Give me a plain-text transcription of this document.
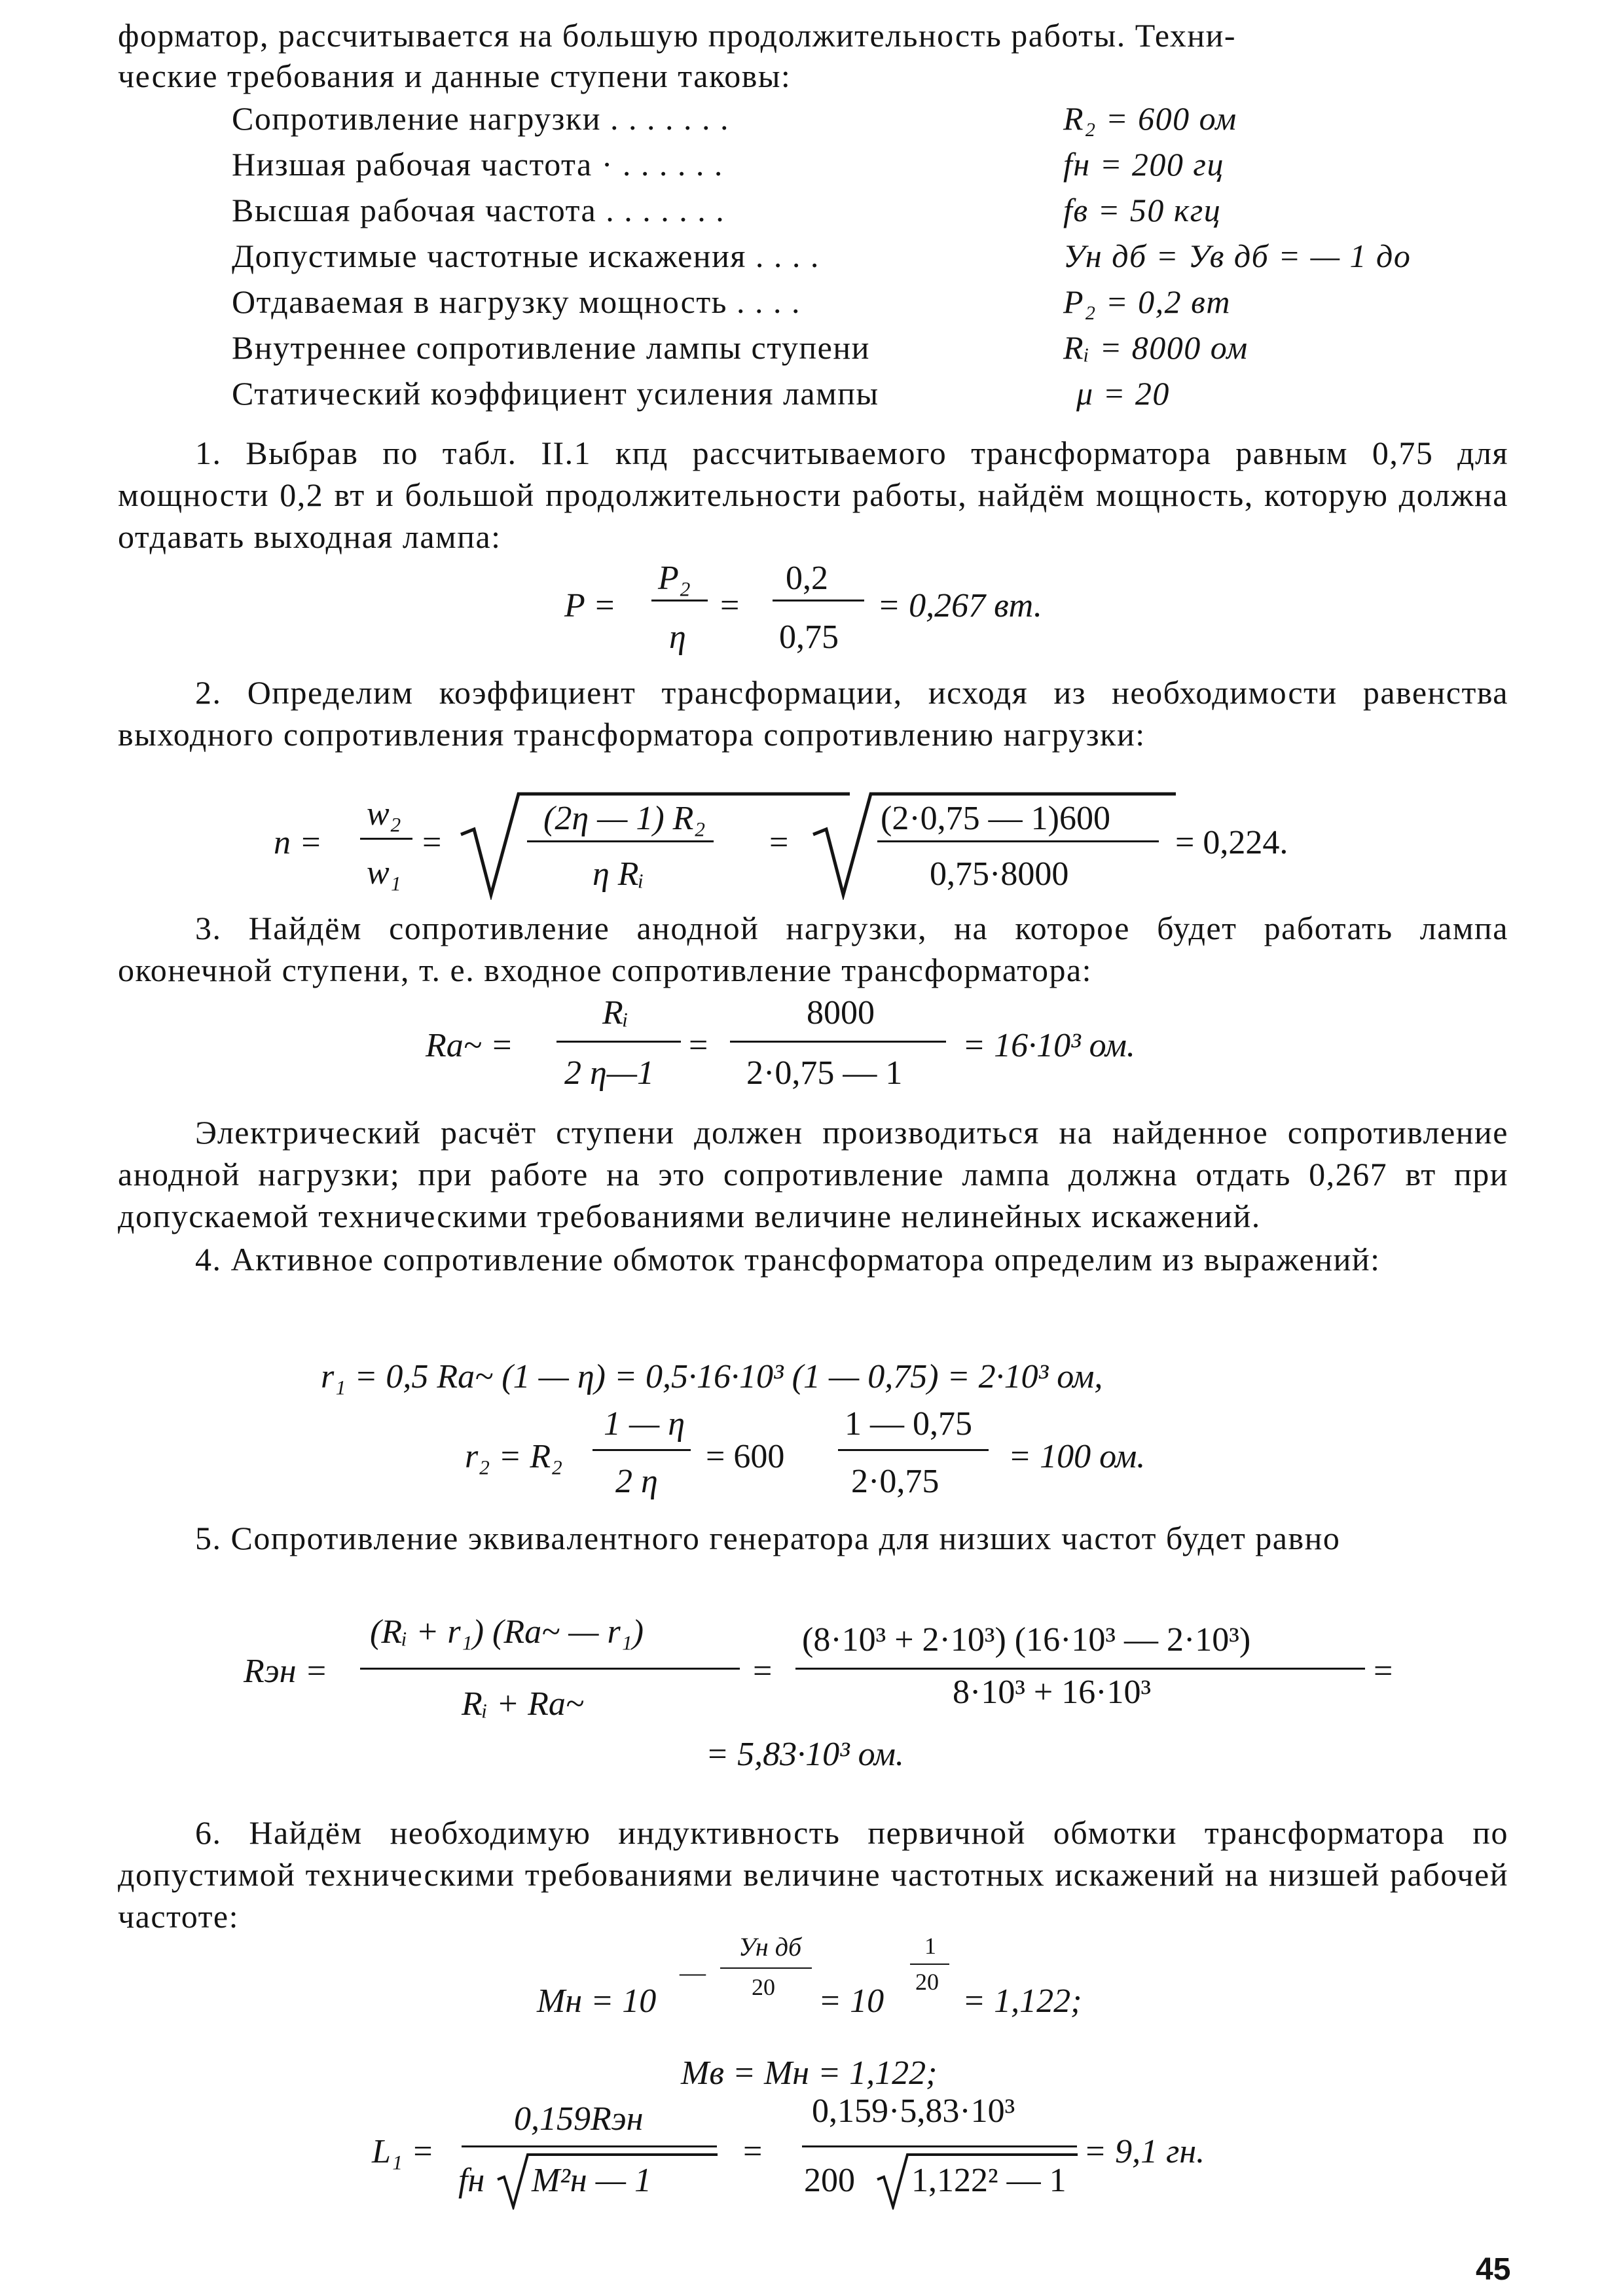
форматор, рассчитывается на большую продолжительность работы. Техни-
ческие требования и данные ступени таковы:
Сопротивление нагрузки . . . . . . .	R₂ = 600 ом
Низшая рабочая частота · . . . . . .	fн = 200 гц
Высшая рабочая частота . . . . . . .	fв = 50 кгц
Допустимые частотные искажения . . . .	Ун дб = Ув дб = — 1 до
Отдаваемая в нагрузку мощность . . . .	P₂ = 0,2 вт
Внутреннее сопротивление лампы ступени	Rᵢ = 8000 ом
Статический коэффициент усиления лампы	μ = 20
1. Выбрав по табл. II.1 кпд рассчитываемого трансформатора равным 0,75 для мощности 0,2 вт и большой продолжительности работы, найдём мощность, которую должна отдавать выходная лампа:
P =
P₂
η
=
0,2
0,75
= 0,267 вт.
2. Определим коэффициент трансформации, исходя из необходимости равенства выходного сопротивления трансформатора сопротивлению нагрузки:
n =
w₂
w₁
=
(2η — 1) R₂
η Rᵢ
=
(2·0,75 — 1)600
0,75·8000
= 0,224.
3. Найдём сопротивление анодной нагрузки, на которое будет работать лампа оконечной ступени, т. е. входное сопротивление трансформатора:
Ra~ =
Rᵢ
2 η—1
=
8000
2·0,75 — 1
= 16·10³ ом.
Электрический расчёт ступени должен производиться на найденное сопротивление анодной нагрузки; при работе на это сопротивление лампа должна отдать 0,267 вт при допускаемой техническими требованиями величине нелинейных искажений.
4. Активное сопротивление обмоток трансформатора определим из выражений:
r₁ = 0,5 Ra~ (1 — η) = 0,5·16·10³ (1 — 0,75) = 2·10³ ом,
r₂ = R₂
1 — η
2 η
= 600
1 — 0,75
2·0,75
= 100 ом.
5. Сопротивление эквивалентного генератора для низших частот будет равно
Rэн =
(Rᵢ + r₁) (Ra~ — r₁)
Rᵢ + Ra~
=
(8·10³ + 2·10³) (16·10³ — 2·10³)
8·10³ + 16·10³
=
= 5,83·10³ ом.
6. Найдём необходимую индуктивность первичной обмотки трансформатора по допустимой техническими требованиями величине частотных искажений на низшей рабочей частоте:
Mн = 10
—
Ун дб
20 = 10
1
20
= 1,122;
Mв = Mн = 1,122;
L₁ =
0,159Rэн
fн M²н — 1
=
0,159·5,83·10³
200 1,122² — 1
= 9,1 гн.
45
